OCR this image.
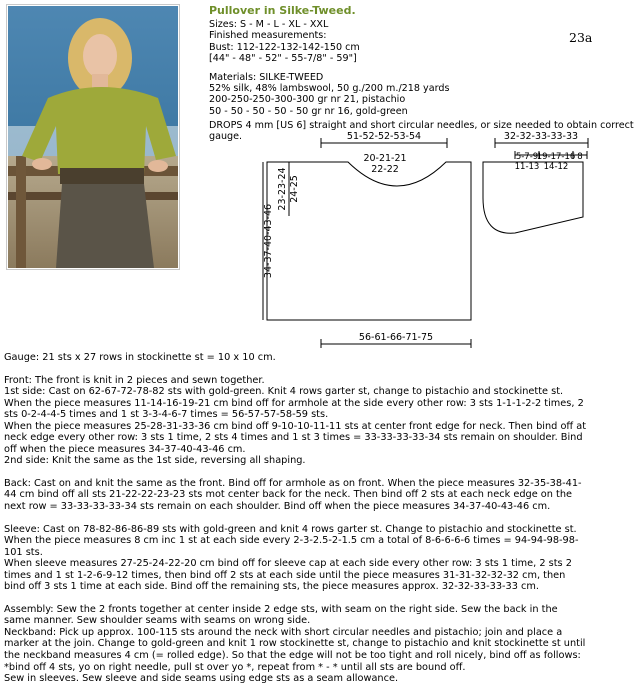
Pullover in Silke-Tweed.
Sizes: S - M - L - XL - XXL
Finished measurements:
Bust: 112-122-132-142-150 cm
[44" - 48" - 52" - 55-7/8" - 59"]
Materials: SILKE-TWEED
52% silk, 48% lambswool, 50 g./200 m./218 yards
200-250-250-300-300 gr nr 21, pistachio
50 - 50 - 50 - 50 - 50 gr nr 16, gold-green
DROPS 4 mm [US 6] straight and short circular needles, or size needed to obtain correct gauge.
23a
51-52-52-53-54
20-21-21
22-22
32-32-33-33-33
5-7-9
11-13
19-17-16
14-12
8
34-37-40-43-46
23-23-24 24-25
56-61-66-71-75

Gauge: 21 sts x 27 rows in stockinette st = 10 x 10 cm.

Front: The front is knit in 2 pieces and sewn together.

1st side: Cast on 62-67-72-78-82 sts with gold-green. Knit 4 rows garter st, change to pistachio and stockinette st.

When the piece measures 11-14-16-19-21 cm bind off for armhole at the side every other row: 3 sts 1-1-1-2-2 times, 2

sts 0-2-4-4-5 times and 1 st 3-3-4-6-7 times = 56-57-57-58-59 sts.

When the piece measures 25-28-31-33-36 cm bind off 9-10-10-11-11 sts at center front edge for neck. Then bind off at

neck edge every other row: 3 sts 1 time, 2 sts 4 times and 1 st 3 times = 33-33-33-33-34 sts remain on shoulder. Bind

off when the piece measures 34-37-40-43-46 cm.

2nd side: Knit the same as the 1st side, reversing all shaping.

Back: Cast on and knit the same as the front. Bind off for armhole as on front. When the piece measures 32-35-38-41-

44 cm bind off all sts 21-22-22-23-23 sts mot center back for the neck. Then bind off 2 sts at each neck edge on the

next row = 33-33-33-33-34 sts remain on each shoulder. Bind off when the piece measures 34-37-40-43-46 cm.

Sleeve: Cast on 78-82-86-86-89 sts with gold-green and knit 4 rows garter st. Change to pistachio and stockinette st.

When the piece measures 8 cm inc 1 st at each side every 2-3-2.5-2-1.5 cm a total of 8-6-6-6-6 times = 94-94-98-98-

101 sts.

When sleeve measures 27-25-24-22-20 cm bind off for sleeve cap at each side every other row: 3 sts 1 time, 2 sts 2

times and 1 st 1-2-6-9-12 times, then bind off 2 sts at each side until the piece measures 31-31-32-32-32 cm, then

bind off 3 sts 1 time at each side. Bind off the remaining sts, the piece measures approx. 32-32-33-33-33 cm.

Assembly: Sew the 2 fronts together at center inside 2 edge sts, with seam on the right side. Sew the back in the

same manner. Sew shoulder seams with seams on wrong side.

Neckband: Pick up approx. 100-115 sts around the neck with short circular needles and pistachio; join and place a

marker at the join. Change to gold-green and knit 1 row stockinette st, change to pistachio and knit stockinette st until

the neckband measures 4 cm (= rolled edge). So that the edge will not be too tight and roll nicely, bind off as follows:

*bind off 4 sts, yo on right needle, pull st over yo *, repeat from * - * until all sts are bound off.

Sew in sleeves. Sew sleeve and side seams using edge sts as a seam allowance.
